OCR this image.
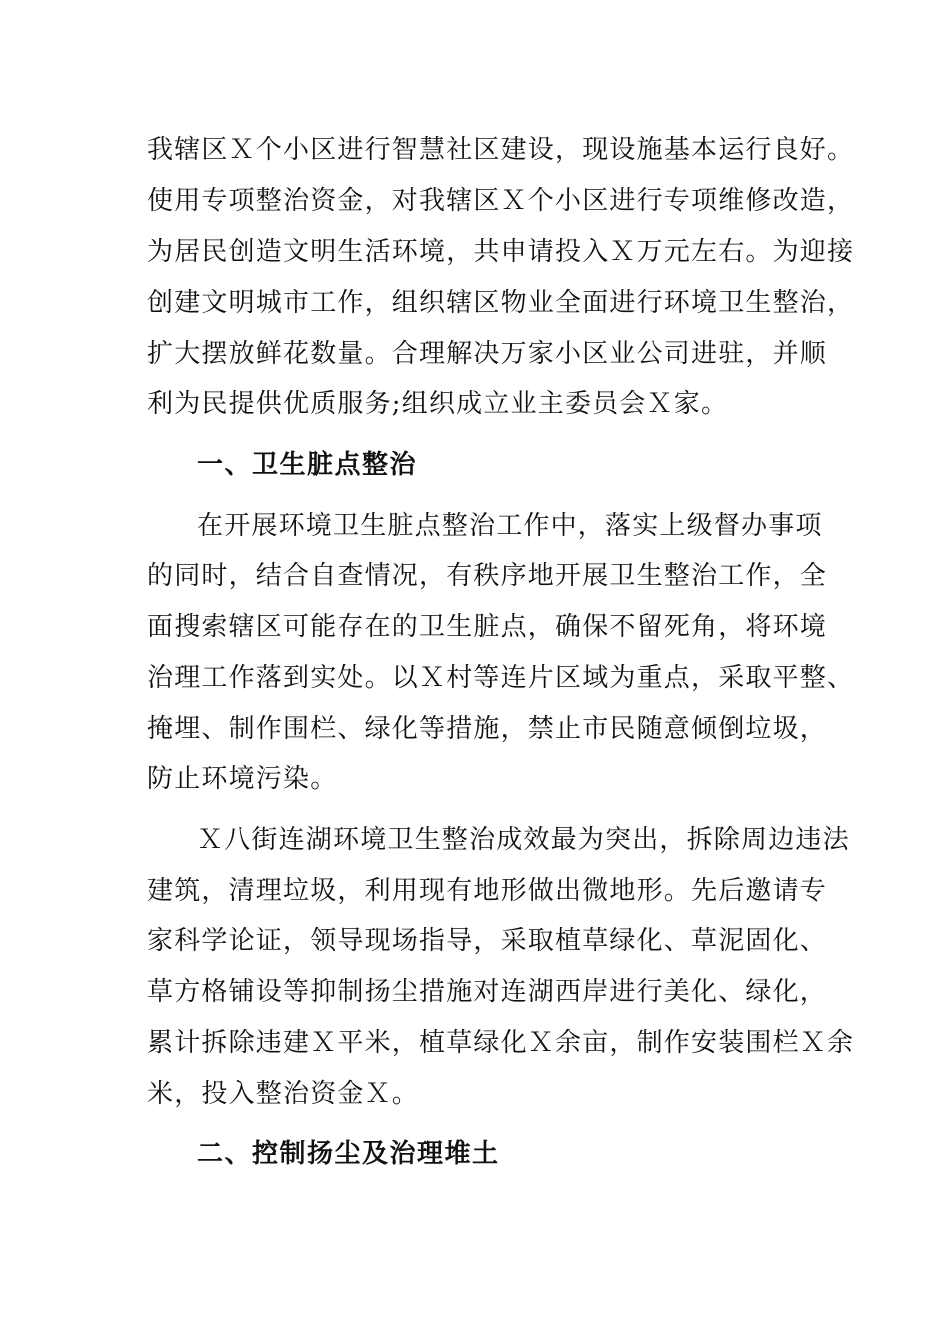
我辖区Ｘ个小区进行智慧社区建设，现设施基本运行良好。

使用专项整治资金，对我辖区Ｘ个小区进行专项维修改造，

为居民创造文明生活环境，共申请投入Ｘ万元左右。为迎接

创建文明城市工作，组织辖区物业全面进行环境卫生整治，

扩大摆放鲜花数量。合理解决万家小区业公司进驻，并顺

利为民提供优质服务;组织成立业主委员会Ｘ家。

一、卫生脏点整治

在开展环境卫生脏点整治工作中，落实上级督办事项

的同时，结合自查情况，有秩序地开展卫生整治工作，全

面搜索辖区可能存在的卫生脏点，确保不留死角，将环境

治理工作落到实处。以Ｘ村等连片区域为重点，采取平整、

掩埋、制作围栏、绿化等措施，禁止市民随意倾倒垃圾，

防止环境污染。

Ｘ八街连湖环境卫生整治成效最为突出，拆除周边违法

建筑，清理垃圾，利用现有地形做出微地形。先后邀请专

家科学论证，领导现场指导，采取植草绿化、草泥固化、

草方格铺设等抑制扬尘措施对连湖西岸进行美化、绿化，

累计拆除违建Ｘ平米，植草绿化Ｘ余亩，制作安装围栏Ｘ余

米，投入整治资金Ｘ。

二、控制扬尘及治理堆土
